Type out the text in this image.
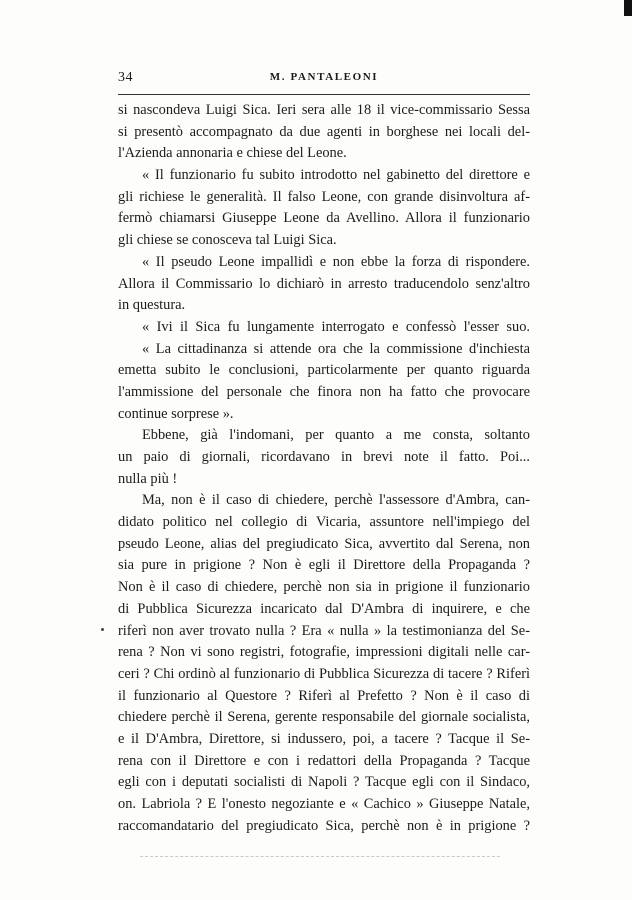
34	M. PANTALEONI
si nascondeva Luigi Sica. Ieri sera alle 18 il vice-commissario Sessa
si presentò accompagnato da due agenti in borghese nei locali del-
l'Azienda annonaria e chiese del Leone.
« Il funzionario fu subito introdotto nel gabinetto del direttore e
gli richiese le generalità. Il falso Leone, con grande disinvoltura af-
fermò chiamarsi Giuseppe Leone da Avellino. Allora il funzionario
gli chiese se conosceva tal Luigi Sica.
« Il pseudo Leone impallidì e non ebbe la forza di rispondere.
Allora il Commissario lo dichiarò in arresto traducendolo senz'altro
in questura.
« Ivi il Sica fu lungamente interrogato e confessò l'esser suo.
« La cittadinanza si attende ora che la commissione d'inchiesta
emetta subito le conclusioni, particolarmente per quanto riguarda
l'ammissione del personale che finora non ha fatto che provocare
continue sorprese ».
Ebbene, già l'indomani, per quanto a me consta, soltanto
un paio di giornali, ricordavano in brevi note il fatto. Poi...
nulla più !
Ma, non è il caso di chiedere, perchè l'assessore d'Ambra, can-
didato politico nel collegio di Vicaria, assuntore nell'impiego del
pseudo Leone, alias del pregiudicato Sica, avvertito dal Serena, non
sia pure in prigione ? Non è egli il Direttore della Propaganda ?
Non è il caso di chiedere, perchè non sia in prigione il funzionario
di Pubblica Sicurezza incaricato dal D'Ambra di inquirere, e che
riferì non aver trovato nulla ? Era « nulla » la testimonianza del Se-
rena ? Non vi sono registri, fotografie, impressioni digitali nelle car-
ceri ? Chi ordinò al funzionario di Pubblica Sicurezza di tacere ? Riferì
il funzionario al Questore ? Riferì al Prefetto ? Non è il caso di
chiedere perchè il Serena, gerente responsabile del giornale socialista,
e il D'Ambra, Direttore, si indussero, poi, a tacere ? Tacque il Se-
rena con il Direttore e con i redattori della Propaganda ? Tacque
egli con i deputati socialisti di Napoli ? Tacque egli con il Sindaco,
on. Labriola ? E l'onesto negoziante e « Cachico » Giuseppe Natale,
raccomandatario del pregiudicato Sica, perchè non è in prigione ?
